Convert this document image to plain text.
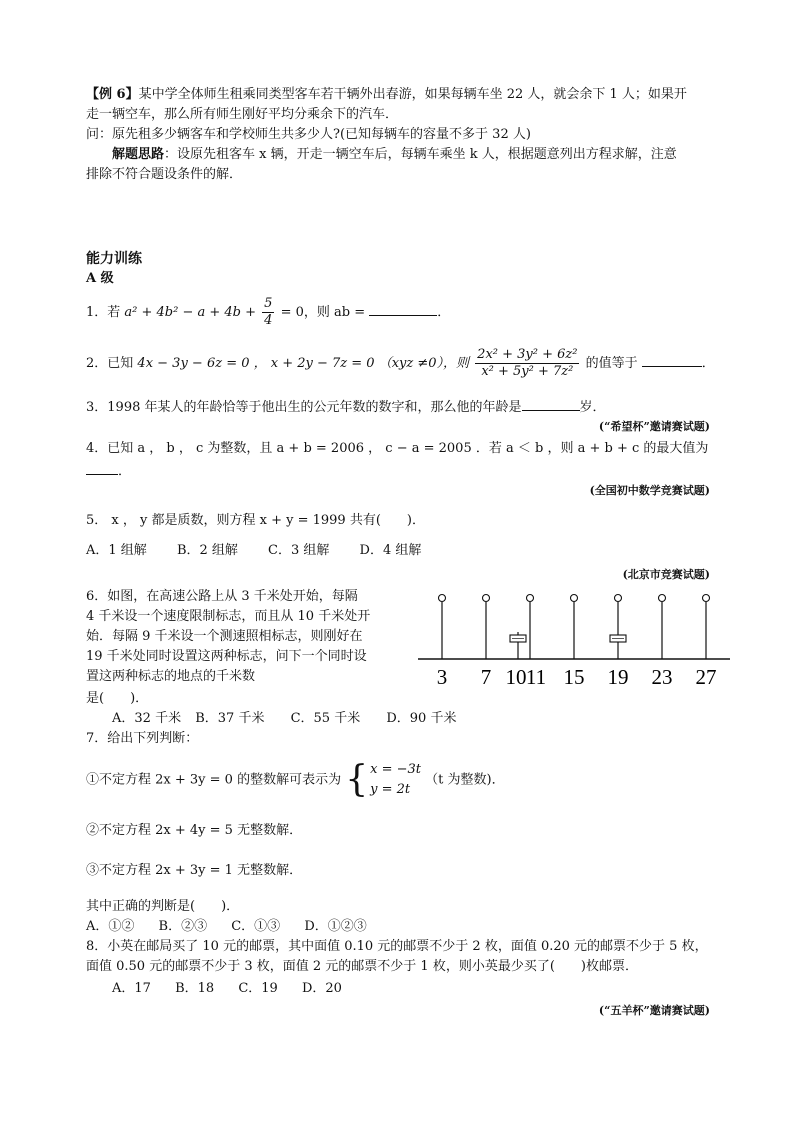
【例 6】某中学全体师生租乘同类型客车若干辆外出春游，如果每辆车坐 22 人，就会余下 1 人；如果开
走一辆空车，那么所有师生刚好平均分乘余下的汽车．
问：原先租多少辆客车和学校师生共多少人?(已知每辆车的容量不多于 32 人)
解题思路：设原先租客车 x 辆，开走一辆空车后，每辆车乘坐 k 人，根据题意列出方程求解，注意
排除不符合题设条件的解．
能力训练
A 级
1．若 $a^2 + 4b^2 - a + 4b + \frac{5}{4} = 0$，则 ab =	．
2．已知 4x − 3y − 6z = 0 ， x + 2y − 7z = 0 （xyz ≠0），则 $\frac{\text{2x² + 3y² + 6z²}}{\text{x² + 5y² + 7z²}}$ 的值等于	．
3．1998 年某人的年龄恰等于他出生的公元年数的数字和，那么他的年龄是	岁．
(“希望杯”邀请赛试题)
4．已知 a ， b ， c 为整数，且 a + b = 2006 ， c − a = 2005 ．若 a ＜ b ，则 a + b + c 的最大值为
．
(全国初中数学竞赛试题)
5． x ， y 都是质数，则方程 x + y = 1999 共有(　　)．
A．1 组解 B．2 组解 C．3 组解 D．4 组解
(北京市竞赛试题)
6．如图，在高速公路上从 3 千米处开始，每隔
4 千米设一个速度限制标志，而且从 10 千米处开
始．每隔 9 千米设一个测速照相标志，则刚好在
19 千米处同时设置这两种标志，问下一个同时设
置这两种标志的地点的千米数
是(　　)．
A．32 千米 B．37 千米 C．55 千米 D．90 千米
3 7 10 11 15 19 23 27
7．给出下列判断：
①不定方程 2x + 3y = 0 的整数解可表示为 { x = −3t
y = 2t
（t 为整数)．
②不定方程 2x + 4y = 5 无整数解．
③不定方程 2x + 3y = 1 无整数解．
其中正确的判断是(　　)．
A．①② B．②③ C．①③ D．①②③
8．小英在邮局买了 10 元的邮票，其中面值 0.10 元的邮票不少于 2 枚，面值 0.20 元的邮票不少于 5 枚，
面值 0.50 元的邮票不少于 3 枚，面值 2 元的邮票不少于 1 枚，则小英最少买了(　　)枚邮票．
A．17 B．18 C．19 D．20
(“五羊杯”邀请赛试题)
